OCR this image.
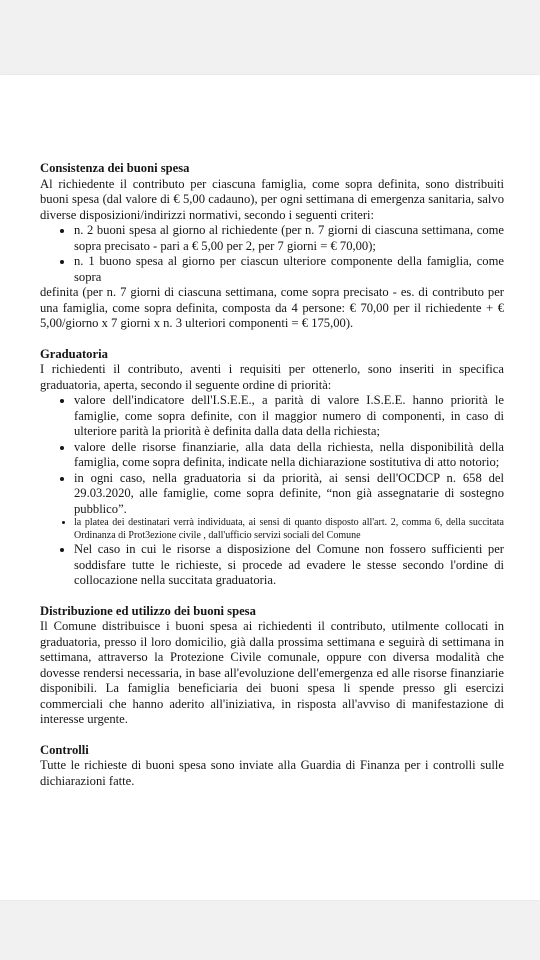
Consistenza dei buoni spesa

Al richiedente il contributo per ciascuna famiglia, come sopra definita, sono distribuiti buoni spesa (dal valore di € 5,00 cadauno), per ogni settimana di emergenza sanitaria, salvo diverse disposizioni/indirizzi normativi, secondo i seguenti criteri:

• n. 2 buoni spesa al giorno al richiedente (per n. 7 giorni di ciascuna settimana, come sopra precisato - pari a € 5,00 per 2, per 7 giorni = € 70,00);
• n. 1 buono spesa al giorno per ciascun ulteriore componente della famiglia, come sopra

definita (per n. 7 giorni di ciascuna settimana, come sopra precisato - es. di contributo per una famiglia, come sopra definita, composta da 4 persone: € 70,00 per il richiedente + € 5,00/giorno x 7 giorni x n. 3 ulteriori componenti = € 175,00).

Graduatoria

I richiedenti il contributo, aventi i requisiti per ottenerlo, sono inseriti in specifica graduatoria, aperta, secondo il seguente ordine di priorità:

• valore dell'indicatore dell'I.S.E.E., a parità di valore I.S.E.E. hanno priorità le famiglie, come sopra definite, con il maggior numero di componenti, in caso di ulteriore parità la priorità è definita dalla data della richiesta;
• valore delle risorse finanziarie, alla data della richiesta, nella disponibilità della famiglia, come sopra definita, indicate nella dichiarazione sostitutiva di atto notorio;
• in ogni caso, nella graduatoria si da priorità, ai sensi dell'OCDCP n. 658 del 29.03.2020, alle famiglie, come sopra definite, “non già assegnatarie di sostegno pubblico”.
• la platea dei destinatari verrà individuata, ai sensi di quanto disposto all'art. 2, comma 6, della succitata Ordinanza di Prot3ezione civile , dall'ufficio servizi sociali del Comune
• Nel caso in cui le risorse a disposizione del Comune non fossero sufficienti per soddisfare tutte le richieste, si procede ad evadere le stesse secondo l'ordine di collocazione nella succitata graduatoria.

Distribuzione ed utilizzo dei buoni spesa

Il Comune distribuisce i buoni spesa ai richiedenti il contributo, utilmente collocati in graduatoria, presso il loro domicilio, già dalla prossima settimana e seguirà di settimana in settimana, attraverso la Protezione Civile comunale, oppure con diversa modalità che dovesse rendersi necessaria, in base all'evoluzione dell'emergenza ed alle risorse finanziarie disponibili. La famiglia beneficiaria dei buoni spesa li spende presso gli esercizi commerciali che hanno aderito all'iniziativa, in risposta all'avviso di manifestazione di interesse urgente.

Controlli

Tutte le richieste di buoni spesa sono inviate alla Guardia di Finanza per i controlli sulle dichiarazioni fatte.
